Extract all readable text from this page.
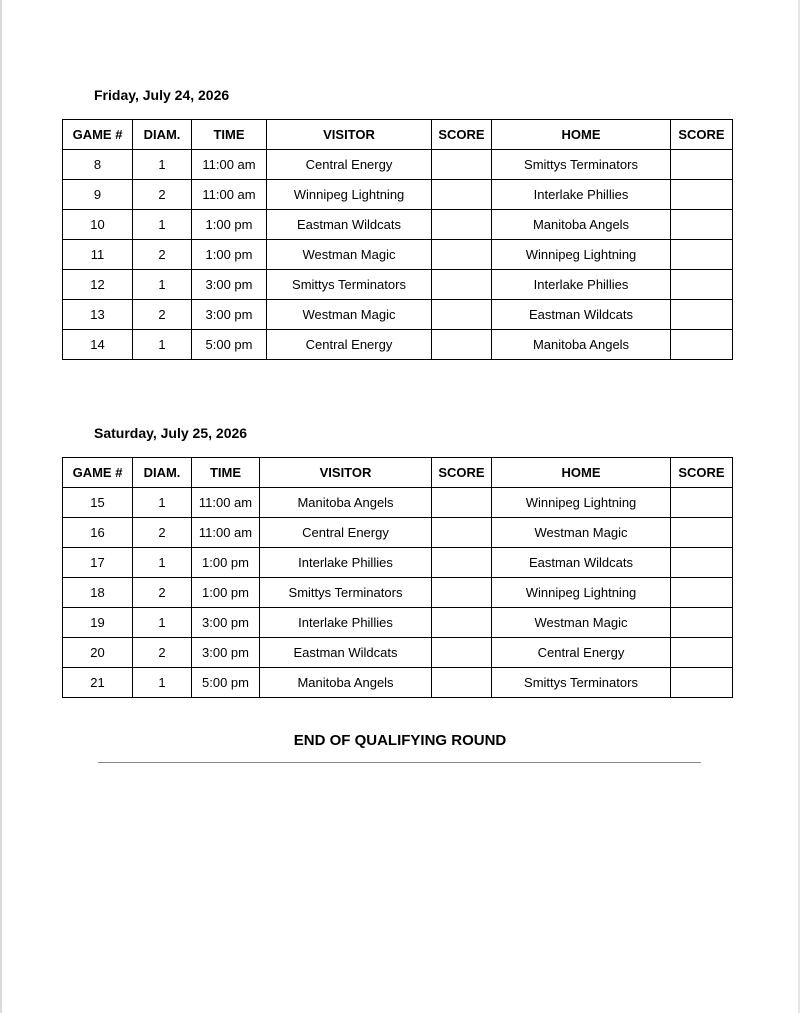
Friday, July 24, 2026
GAME #	DIAM.	TIME	VISITOR	SCORE	HOME	SCORE
8	1	11:00 am	Central Energy		Smittys Terminators	
9	2	11:00 am	Winnipeg Lightning		Interlake Phillies	
10	1	1:00 pm	Eastman Wildcats		Manitoba Angels	
11	2	1:00 pm	Westman Magic		Winnipeg Lightning	
12	1	3:00 pm	Smittys Terminators		Interlake Phillies	
13	2	3:00 pm	Westman Magic		Eastman Wildcats	
14	1	5:00 pm	Central Energy		Manitoba Angels	
Saturday, July 25, 2026
GAME #	DIAM.	TIME	VISITOR	SCORE	HOME	SCORE
15	1	11:00 am	Manitoba Angels		Winnipeg Lightning	
16	2	11:00 am	Central Energy		Westman Magic	
17	1	1:00 pm	Interlake Phillies		Eastman Wildcats	
18	2	1:00 pm	Smittys Terminators		Winnipeg Lightning	
19	1	3:00 pm	Interlake Phillies		Westman Magic	
20	2	3:00 pm	Eastman Wildcats		Central Energy	
21	1	5:00 pm	Manitoba Angels		Smittys Terminators	

END OF QUALIFYING ROUND
